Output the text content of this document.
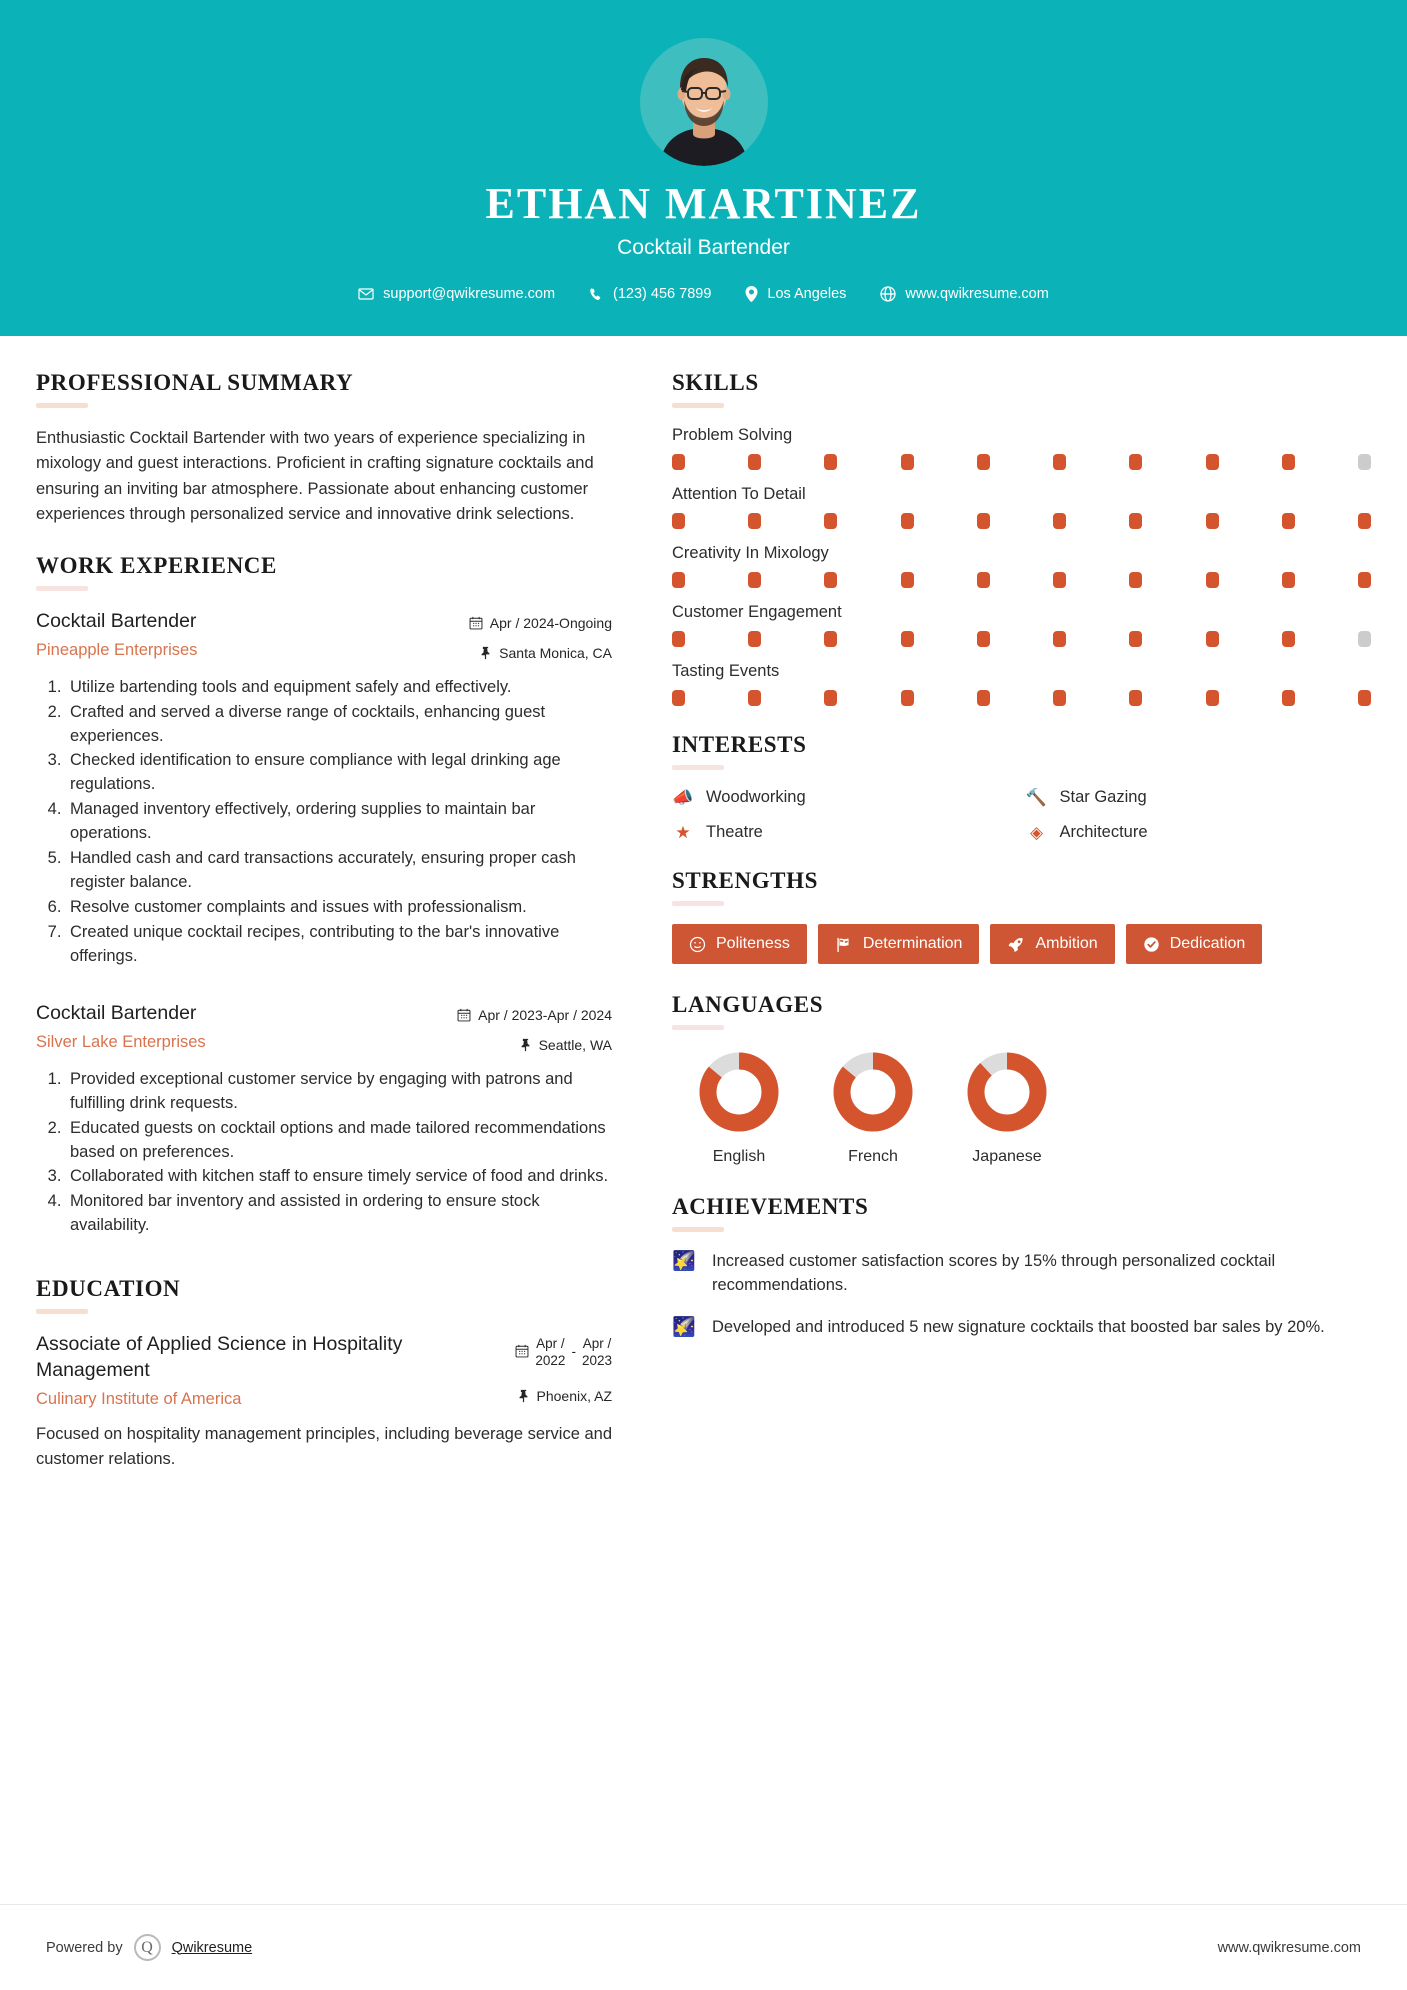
ETHAN MARTINEZ
Cocktail Bartender
support@qwikresume.com	(123) 456 7899	Los Angeles	www.qwikresume.com
PROFESSIONAL SUMMARY
Enthusiastic Cocktail Bartender with two years of experience specializing in mixology and guest interactions. Proficient in crafting signature cocktails and ensuring an inviting bar atmosphere. Passionate about enhancing customer experiences through personalized service and innovative drink selections.
WORK EXPERIENCE
Cocktail Bartender
Pineapple Enterprises
Apr / 2024-Ongoing
Santa Monica, CA
1. Utilize bartending tools and equipment safely and effectively.
2. Crafted and served a diverse range of cocktails, enhancing guest experiences.
3. Checked identification to ensure compliance with legal drinking age regulations.
4. Managed inventory effectively, ordering supplies to maintain bar operations.
5. Handled cash and card transactions accurately, ensuring proper cash register balance.
6. Resolve customer complaints and issues with professionalism.
7. Created unique cocktail recipes, contributing to the bar's innovative offerings.
Cocktail Bartender
Silver Lake Enterprises
Apr / 2023-Apr / 2024
Seattle, WA
1. Provided exceptional customer service by engaging with patrons and fulfilling drink requests.
2. Educated guests on cocktail options and made tailored recommendations based on preferences.
3. Collaborated with kitchen staff to ensure timely service of food and drinks.
4. Monitored bar inventory and assisted in ordering to ensure stock availability.
EDUCATION
Associate of Applied Science in Hospitality Management
Culinary Institute of America
Apr /
2022
- Apr /
2023
Phoenix, AZ
Focused on hospitality management principles, including beverage service and customer relations.
SKILLS
Problem Solving
Attention To Detail
Creativity In Mixology
Customer Engagement
Tasting Events
INTERESTS
📣 Woodworking	🔨 Star Gazing
★ Theatre	◈ Architecture
STRENGTHS
Politeness	Determination	Ambition	Dedication
LANGUAGES
English	French	Japanese
ACHIEVEMENTS
🌠 Increased customer satisfaction scores by 15% through personalized cocktail recommendations.
🌠 Developed and introduced 5 new signature cocktails that boosted bar sales by 20%.
Powered by	Q	Qwikresume	www.qwikresume.com
